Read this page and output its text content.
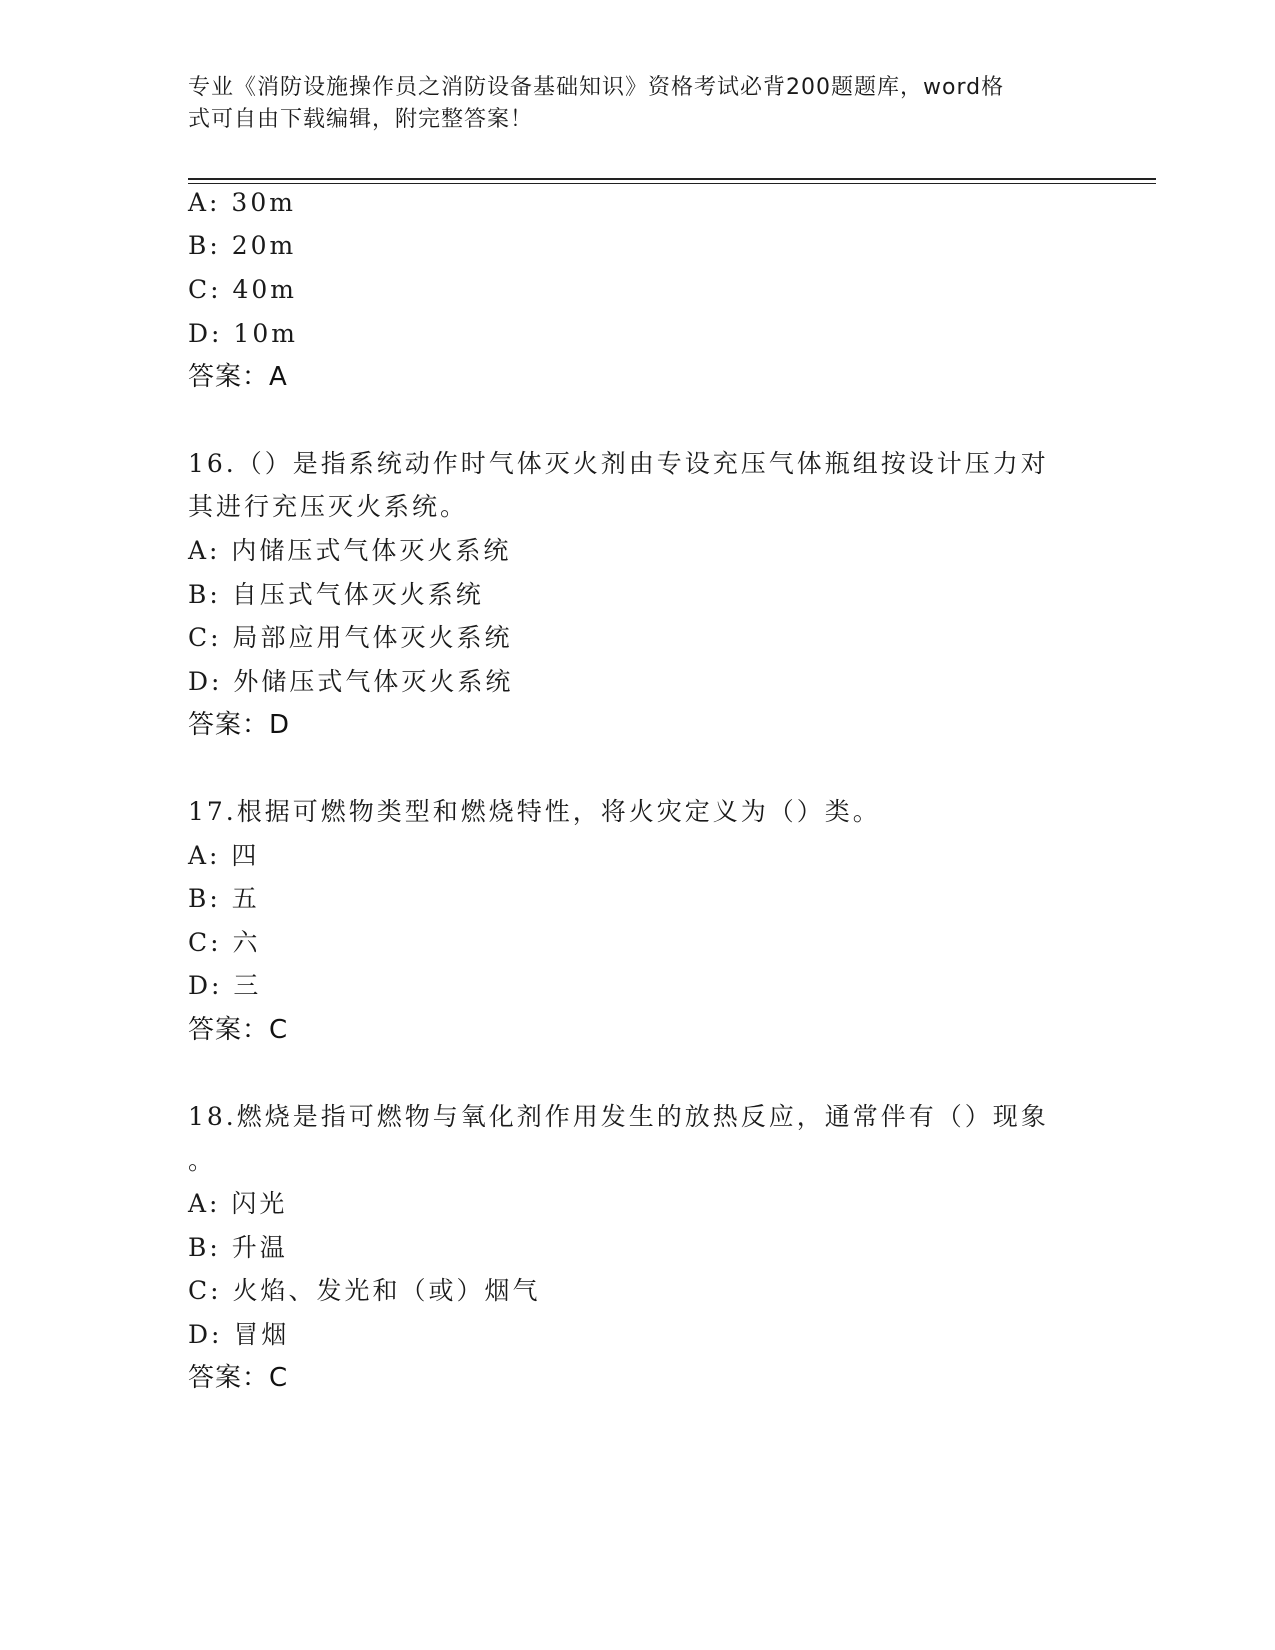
专业《消防设施操作员之消防设备基础知识》资格考试必背200题题库，word格
式可自由下载编辑，附完整答案！
A: 30m
B: 20m
C: 40m
D: 10m
答案：A
16.（）是指系统动作时气体灭火剂由专设充压气体瓶组按设计压力对
其进行充压灭火系统。
A: 内储压式气体灭火系统
B: 自压式气体灭火系统
C: 局部应用气体灭火系统
D: 外储压式气体灭火系统
答案：D
17.根据可燃物类型和燃烧特性，将火灾定义为（）类。
A: 四
B: 五
C: 六
D: 三
答案：C
18.燃烧是指可燃物与氧化剂作用发生的放热反应，通常伴有（）现象
。
A: 闪光
B: 升温
C: 火焰、发光和（或）烟气
D: 冒烟
答案：C
